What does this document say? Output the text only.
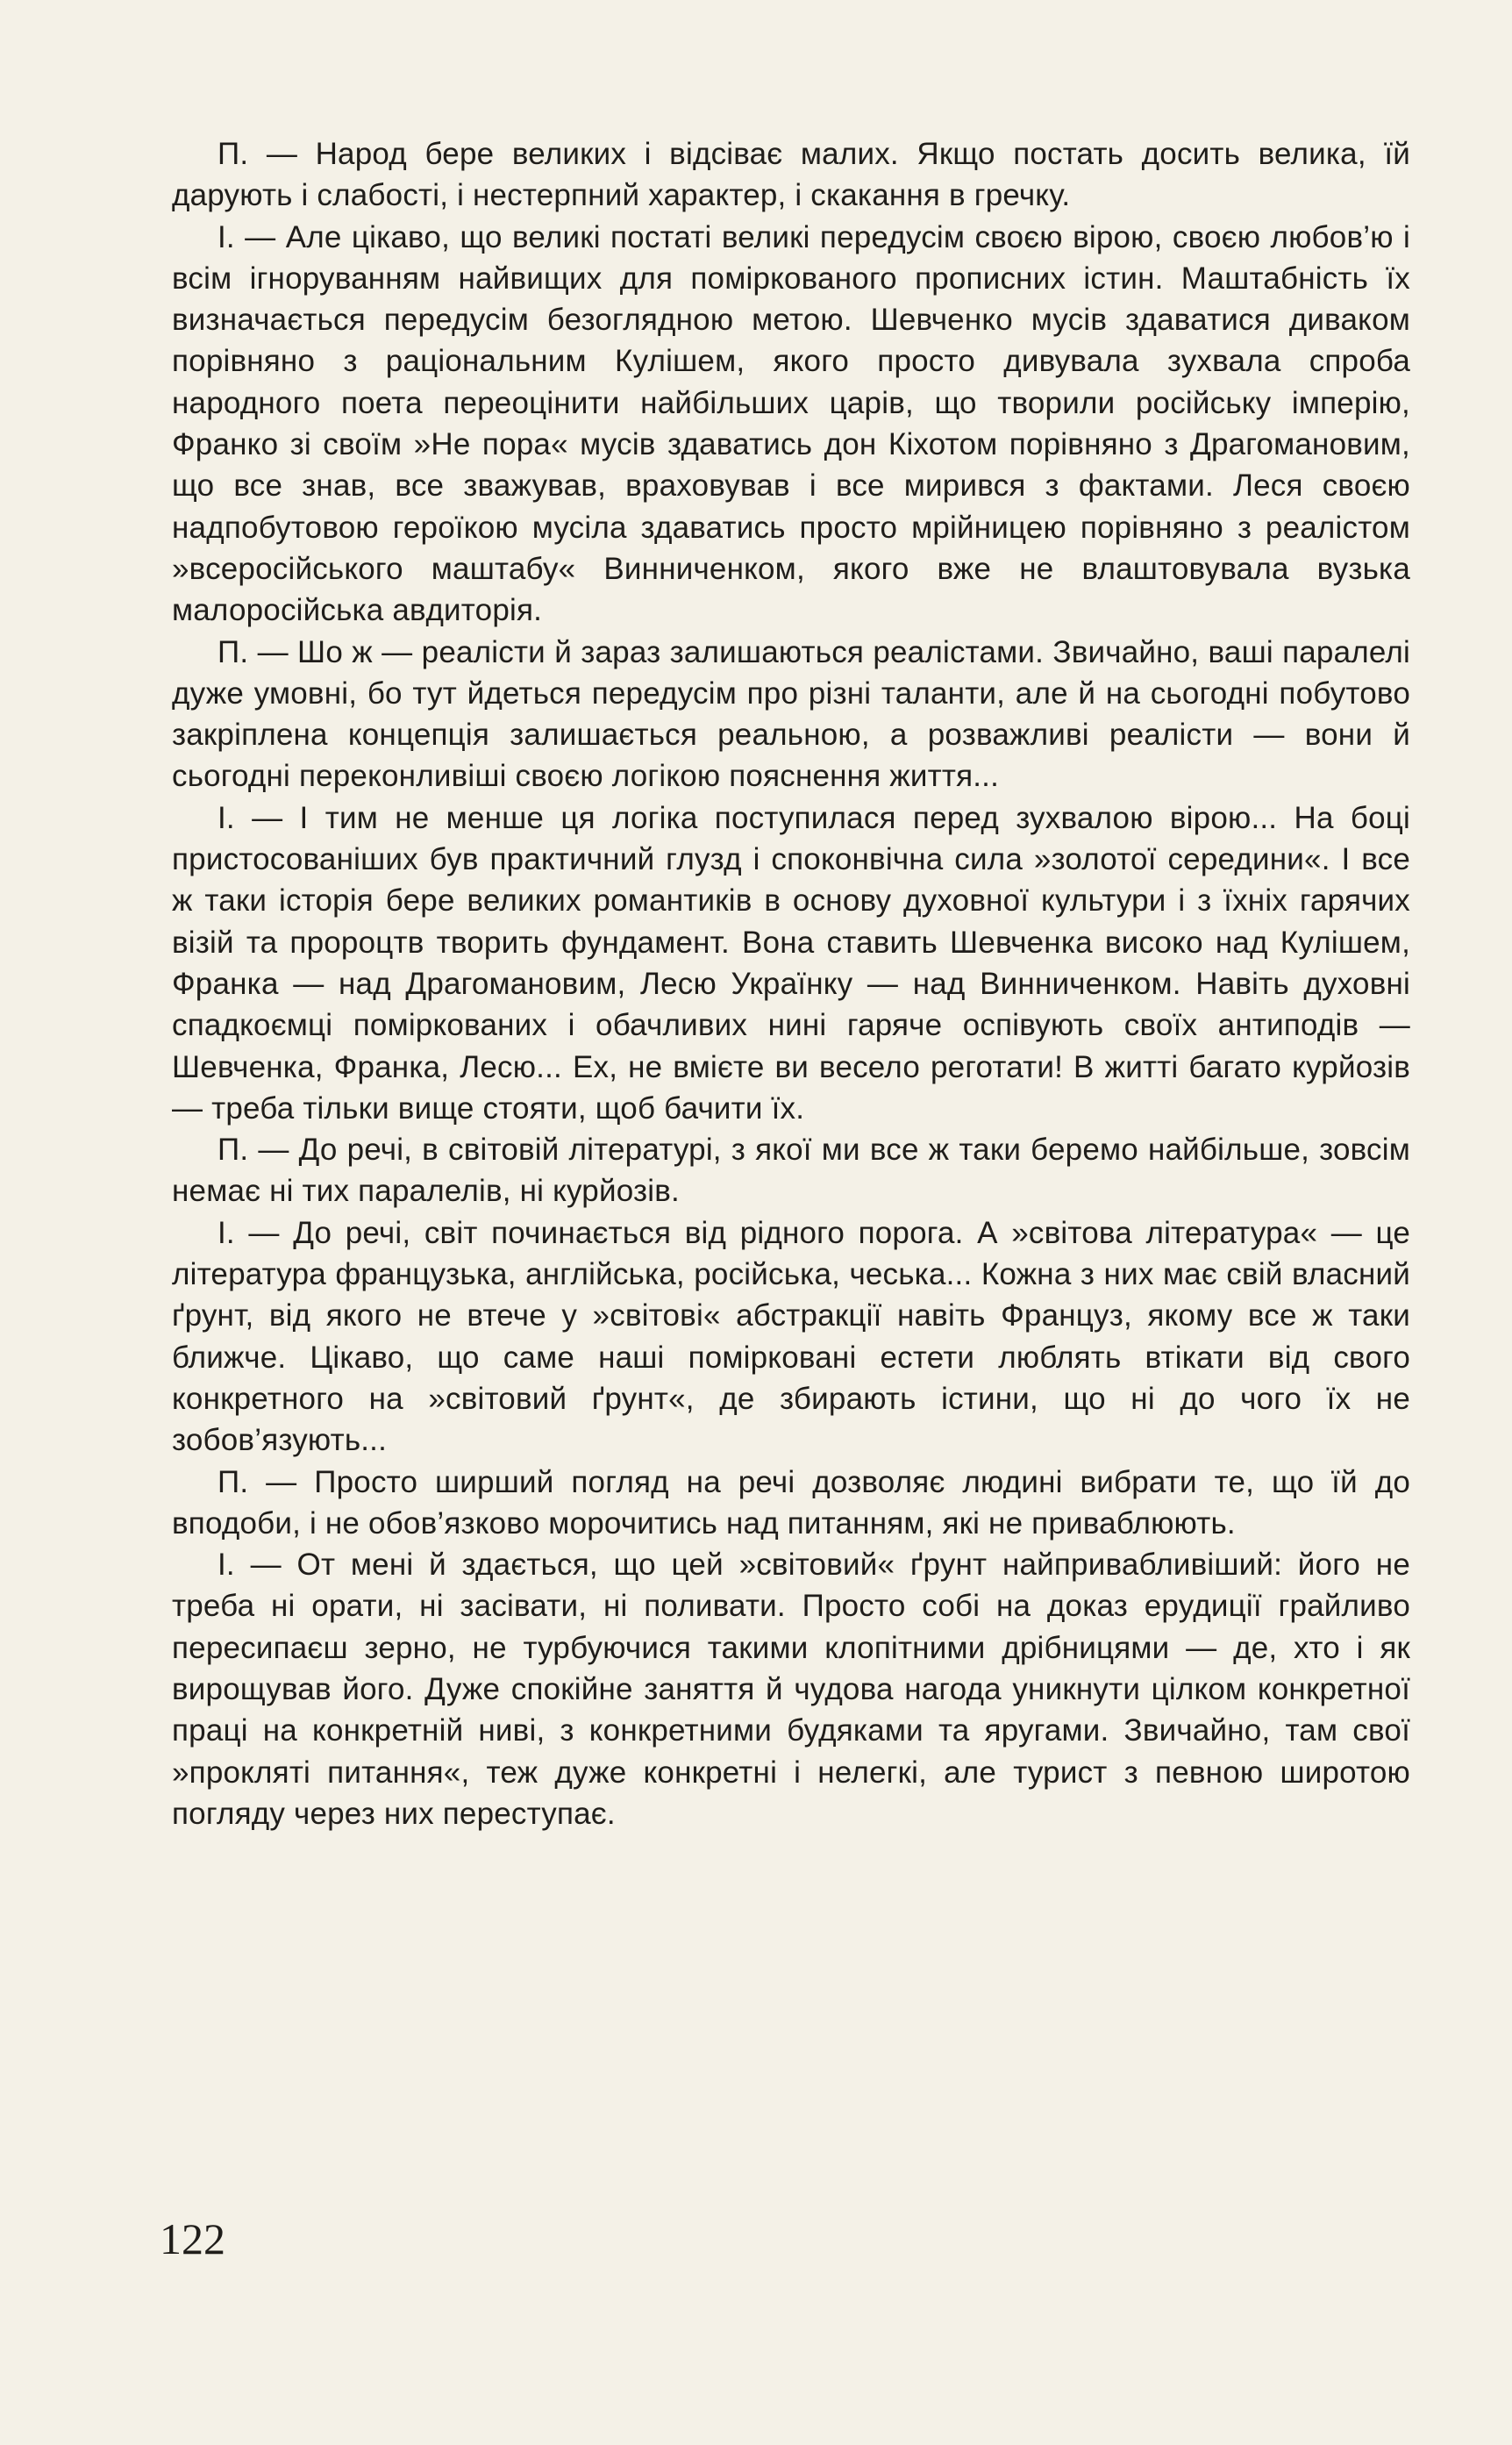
П. — Народ бере великих і відсіває малих. Якщо постать досить велика, їй дарують і слабості, і нестерпний характер, і скакання в гречку.

І. — Але цікаво, що великі постаті великі передусім своєю вірою, своєю любов’ю і всім ігноруванням найвищих для поміркованого прописних істин. Маштабність їх визначається передусім безоглядною метою. Шевченко мусів здаватися диваком порівняно з раціональним Кулішем, якого просто дивувала зухвала спроба народного поета переоцінити найбільших царів, що творили російську імперію, Франко зі своїм »Не пора« мусів здаватись дон Кіхотом порівняно з Драгомановим, що все знав, все зважував, враховував і все мирився з фактами. Леся своєю надпобутовою героїкою мусіла здаватись просто мрійницею порівняно з реалістом »всеросійського маштабу« Винниченком, якого вже не влаштовувала вузька малоросійська авдиторія.

П. — Шо ж — реалісти й зараз залишаються реалістами. Звичайно, ваші паралелі дуже умовні, бо тут йдеться передусім про різні таланти, але й на сьогодні побутово закріплена концепція залишається реальною, а розважливі реалісти — вони й сьогодні переконливіші своєю логікою пояснення життя...

І. — І тим не менше ця логіка поступилася перед зухвалою вірою... На боці пристосованіших був практичний глузд і споконвічна сила »золотої середини«. І все ж таки історія бере великих романтиків в основу духовної культури і з їхніх гарячих візій та пророцтв творить фундамент. Вона ставить Шевченка високо над Кулішем, Франка — над Драгомановим, Лесю Українку — над Винниченком. Навіть духовні спадкоємці поміркованих і обачливих нині гаряче оспівують своїх антиподів — Шевченка, Франка, Лесю... Ех, не вмієте ви весело реготати! В житті багато курйозів — треба тільки вище стояти, щоб бачити їх.

П. — До речі, в світовій літературі, з якої ми все ж таки беремо найбільше, зовсім немає ні тих паралелів, ні курйозів.

І. — До речі, світ починається від рідного порога. А »світова література« — це література французька, англійська, російська, чеська... Кожна з них має свій власний ґрунт, від якого не втече у »світові« абстракції навіть Француз, якому все ж таки ближче. Цікаво, що саме наші помірковані естети люблять втікати від свого конкретного на »світовий ґрунт«, де збирають істини, що ні до чого їх не зобов’язують...

П. — Просто ширший погляд на речі дозволяє людині вибрати те, що їй до вподоби, і не обов’язково морочитись над питанням, які не приваблюють.

І. — От мені й здається, що цей »світовий« ґрунт найпривабливіший: його не треба ні орати, ні засівати, ні поливати. Просто собі на доказ ерудиції грайливо пересипаєш зерно, не турбуючися такими клопітними дрібницями — де, хто і як вирощував його. Дуже спокійне заняття й чудова нагода уникнути цілком конкретної праці на конкретній ниві, з конкретними будяками та яругами. Звичайно, там свої »прокляті питання«, теж дуже конкретні і нелегкі, але турист з певною широтою погляду через них переступає.

122
